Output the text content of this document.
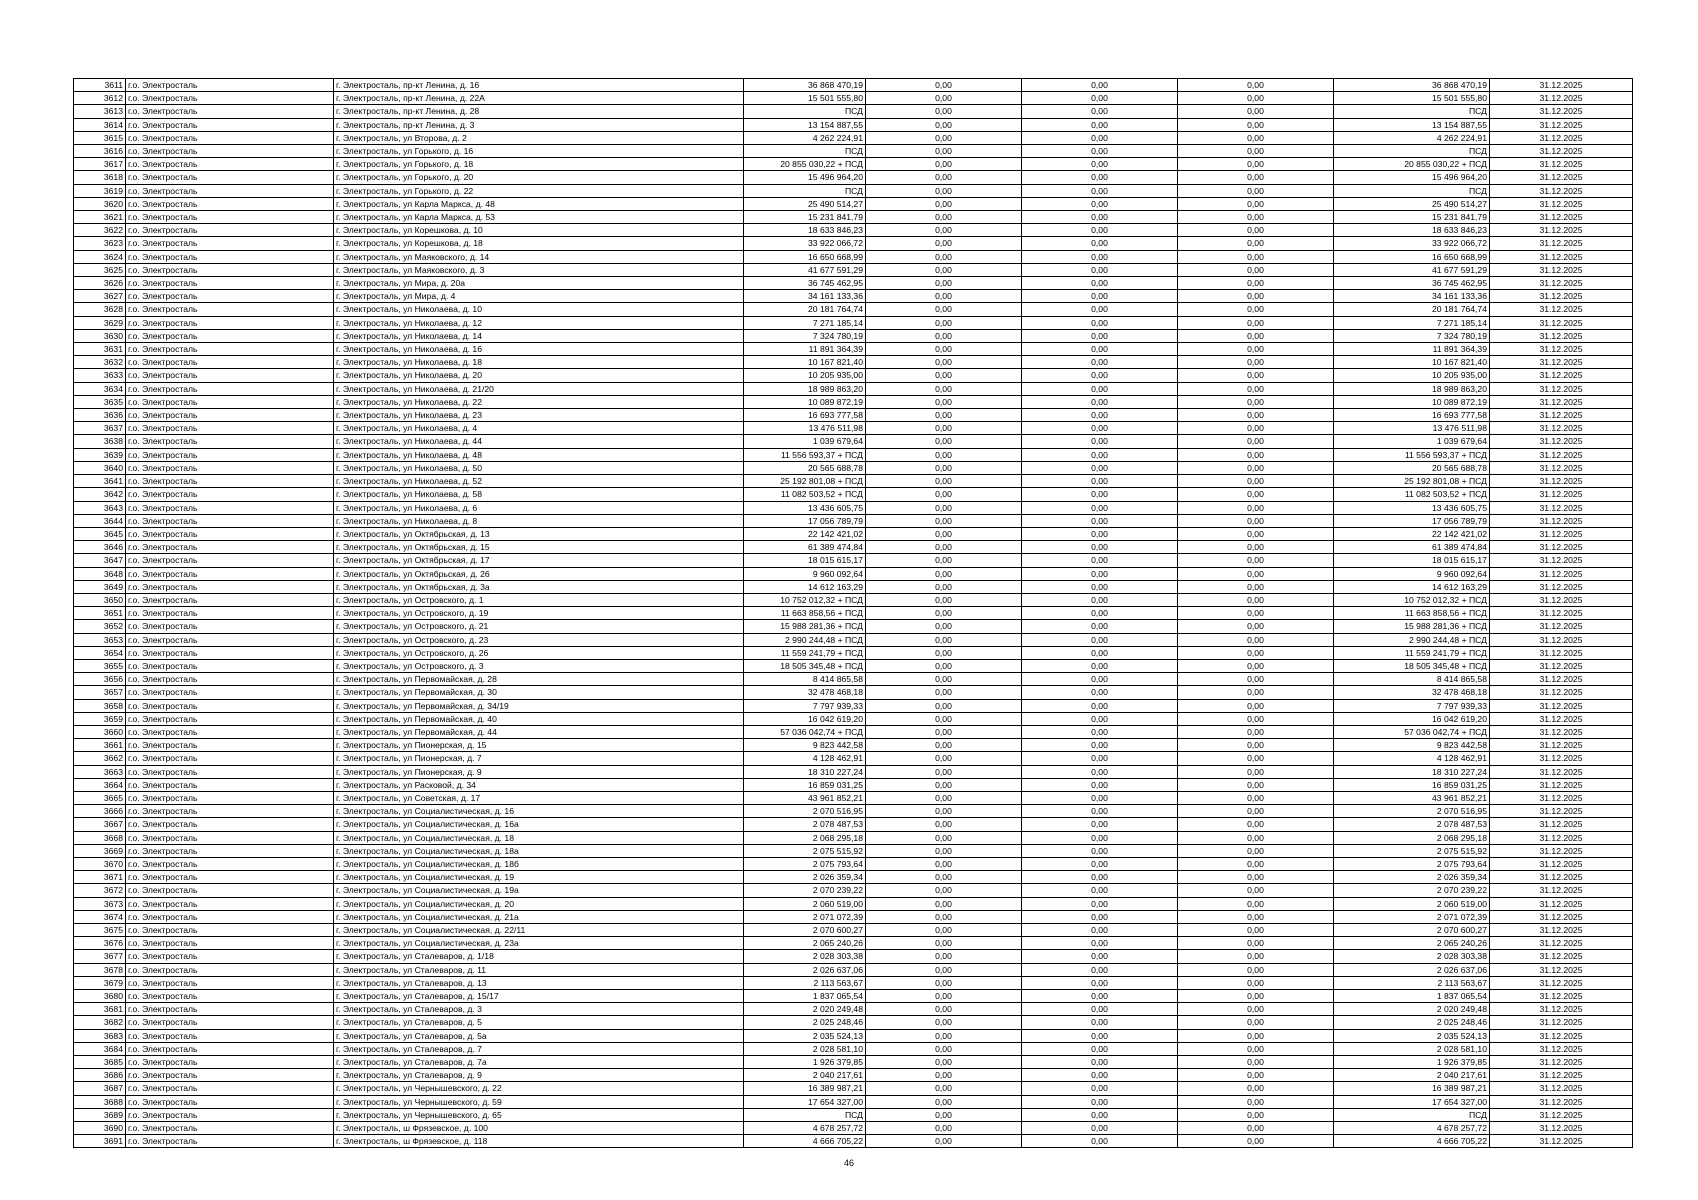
3611	г.о. Электросталь	г. Электросталь, пр-кт Ленина, д. 16	36 868 470,19	0,00	0,00	0,00	36 868 470,19	31.12.2025
3612	г.о. Электросталь	г. Электросталь, пр-кт Ленина, д. 22А	15 501 555,80	0,00	0,00	0,00	15 501 555,80	31.12.2025
3613	г.о. Электросталь	г. Электросталь, пр-кт Ленина, д. 28	ПСД	0,00	0,00	0,00	ПСД	31.12.2025
3614	г.о. Электросталь	г. Электросталь, пр-кт Ленина, д. 3	13 154 887,55	0,00	0,00	0,00	13 154 887,55	31.12.2025
3615	г.о. Электросталь	г. Электросталь, ул Второва, д. 2	4 262 224,91	0,00	0,00	0,00	4 262 224,91	31.12.2025
3616	г.о. Электросталь	г. Электросталь, ул Горького, д. 16	ПСД	0,00	0,00	0,00	ПСД	31.12.2025
3617	г.о. Электросталь	г. Электросталь, ул Горького, д. 18	20 855 030,22 + ПСД	0,00	0,00	0,00	20 855 030,22 + ПСД	31.12.2025
3618	г.о. Электросталь	г. Электросталь, ул Горького, д. 20	15 496 964,20	0,00	0,00	0,00	15 496 964,20	31.12.2025
3619	г.о. Электросталь	г. Электросталь, ул Горького, д. 22	ПСД	0,00	0,00	0,00	ПСД	31.12.2025
3620	г.о. Электросталь	г. Электросталь, ул Карла Маркса, д. 48	25 490 514,27	0,00	0,00	0,00	25 490 514,27	31.12.2025
3621	г.о. Электросталь	г. Электросталь, ул Карла Маркса, д. 53	15 231 841,79	0,00	0,00	0,00	15 231 841,79	31.12.2025
3622	г.о. Электросталь	г. Электросталь, ул Корешкова, д. 10	18 633 846,23	0,00	0,00	0,00	18 633 846,23	31.12.2025
3623	г.о. Электросталь	г. Электросталь, ул Корешкова, д. 18	33 922 066,72	0,00	0,00	0,00	33 922 066,72	31.12.2025
3624	г.о. Электросталь	г. Электросталь, ул Маяковского, д. 14	16 650 668,99	0,00	0,00	0,00	16 650 668,99	31.12.2025
3625	г.о. Электросталь	г. Электросталь, ул Маяковского, д. 3	41 677 591,29	0,00	0,00	0,00	41 677 591,29	31.12.2025
3626	г.о. Электросталь	г. Электросталь, ул Мира, д. 20а	36 745 462,95	0,00	0,00	0,00	36 745 462,95	31.12.2025
3627	г.о. Электросталь	г. Электросталь, ул Мира, д. 4	34 161 133,36	0,00	0,00	0,00	34 161 133,36	31.12.2025
3628	г.о. Электросталь	г. Электросталь, ул Николаева, д. 10	20 181 764,74	0,00	0,00	0,00	20 181 764,74	31.12.2025
3629	г.о. Электросталь	г. Электросталь, ул Николаева, д. 12	7 271 185,14	0,00	0,00	0,00	7 271 185,14	31.12.2025
3630	г.о. Электросталь	г. Электросталь, ул Николаева, д. 14	7 324 780,19	0,00	0,00	0,00	7 324 780,19	31.12.2025
3631	г.о. Электросталь	г. Электросталь, ул Николаева, д. 16	11 891 364,39	0,00	0,00	0,00	11 891 364,39	31.12.2025
3632	г.о. Электросталь	г. Электросталь, ул Николаева, д. 18	10 167 821,40	0,00	0,00	0,00	10 167 821,40	31.12.2025
3633	г.о. Электросталь	г. Электросталь, ул Николаева, д. 20	10 205 935,00	0,00	0,00	0,00	10 205 935,00	31.12.2025
3634	г.о. Электросталь	г. Электросталь, ул Николаева, д. 21/20	18 989 863,20	0,00	0,00	0,00	18 989 863,20	31.12.2025
3635	г.о. Электросталь	г. Электросталь, ул Николаева, д. 22	10 089 872,19	0,00	0,00	0,00	10 089 872,19	31.12.2025
3636	г.о. Электросталь	г. Электросталь, ул Николаева, д. 23	16 693 777,58	0,00	0,00	0,00	16 693 777,58	31.12.2025
3637	г.о. Электросталь	г. Электросталь, ул Николаева, д. 4	13 476 511,98	0,00	0,00	0,00	13 476 511,98	31.12.2025
3638	г.о. Электросталь	г. Электросталь, ул Николаева, д. 44	1 039 679,64	0,00	0,00	0,00	1 039 679,64	31.12.2025
3639	г.о. Электросталь	г. Электросталь, ул Николаева, д. 48	11 556 593,37 + ПСД	0,00	0,00	0,00	11 556 593,37 + ПСД	31.12.2025
3640	г.о. Электросталь	г. Электросталь, ул Николаева, д. 50	20 565 688,78	0,00	0,00	0,00	20 565 688,78	31.12.2025
3641	г.о. Электросталь	г. Электросталь, ул Николаева, д. 52	25 192 801,08 + ПСД	0,00	0,00	0,00	25 192 801,08 + ПСД	31.12.2025
3642	г.о. Электросталь	г. Электросталь, ул Николаева, д. 58	11 082 503,52 + ПСД	0,00	0,00	0,00	11 082 503,52 + ПСД	31.12.2025
3643	г.о. Электросталь	г. Электросталь, ул Николаева, д. 6	13 436 605,75	0,00	0,00	0,00	13 436 605,75	31.12.2025
3644	г.о. Электросталь	г. Электросталь, ул Николаева, д. 8	17 056 789,79	0,00	0,00	0,00	17 056 789,79	31.12.2025
3645	г.о. Электросталь	г. Электросталь, ул Октябрьская, д. 13	22 142 421,02	0,00	0,00	0,00	22 142 421,02	31.12.2025
3646	г.о. Электросталь	г. Электросталь, ул Октябрьская, д. 15	61 389 474,84	0,00	0,00	0,00	61 389 474,84	31.12.2025
3647	г.о. Электросталь	г. Электросталь, ул Октябрьская, д. 17	18 015 615,17	0,00	0,00	0,00	18 015 615,17	31.12.2025
3648	г.о. Электросталь	г. Электросталь, ул Октябрьская, д. 26	9 960 092,64	0,00	0,00	0,00	9 960 092,64	31.12.2025
3649	г.о. Электросталь	г. Электросталь, ул Октябрьская, д. 3а	14 612 163,29	0,00	0,00	0,00	14 612 163,29	31.12.2025
3650	г.о. Электросталь	г. Электросталь, ул Островского, д. 1	10 752 012,32 + ПСД	0,00	0,00	0,00	10 752 012,32 + ПСД	31.12.2025
3651	г.о. Электросталь	г. Электросталь, ул Островского, д. 19	11 663 858,56 + ПСД	0,00	0,00	0,00	11 663 858,56 + ПСД	31.12.2025
3652	г.о. Электросталь	г. Электросталь, ул Островского, д. 21	15 988 281,36 + ПСД	0,00	0,00	0,00	15 988 281,36 + ПСД	31.12.2025
3653	г.о. Электросталь	г. Электросталь, ул Островского, д. 23	2 990 244,48 + ПСД	0,00	0,00	0,00	2 990 244,48 + ПСД	31.12.2025
3654	г.о. Электросталь	г. Электросталь, ул Островского, д. 26	11 559 241,79 + ПСД	0,00	0,00	0,00	11 559 241,79 + ПСД	31.12.2025
3655	г.о. Электросталь	г. Электросталь, ул Островского, д. 3	18 505 345,48 + ПСД	0,00	0,00	0,00	18 505 345,48 + ПСД	31.12.2025
3656	г.о. Электросталь	г. Электросталь, ул Первомайская, д. 28	8 414 865,58	0,00	0,00	0,00	8 414 865,58	31.12.2025
3657	г.о. Электросталь	г. Электросталь, ул Первомайская, д. 30	32 478 468,18	0,00	0,00	0,00	32 478 468,18	31.12.2025
3658	г.о. Электросталь	г. Электросталь, ул Первомайская, д. 34/19	7 797 939,33	0,00	0,00	0,00	7 797 939,33	31.12.2025
3659	г.о. Электросталь	г. Электросталь, ул Первомайская, д. 40	16 042 619,20	0,00	0,00	0,00	16 042 619,20	31.12.2025
3660	г.о. Электросталь	г. Электросталь, ул Первомайская, д. 44	57 036 042,74 + ПСД	0,00	0,00	0,00	57 036 042,74 + ПСД	31.12.2025
3661	г.о. Электросталь	г. Электросталь, ул Пионерская, д. 15	9 823 442,58	0,00	0,00	0,00	9 823 442,58	31.12.2025
3662	г.о. Электросталь	г. Электросталь, ул Пионерская, д. 7	4 128 462,91	0,00	0,00	0,00	4 128 462,91	31.12.2025
3663	г.о. Электросталь	г. Электросталь, ул Пионерская, д. 9	18 310 227,24	0,00	0,00	0,00	18 310 227,24	31.12.2025
3664	г.о. Электросталь	г. Электросталь, ул Расковой, д. 34	16 859 031,25	0,00	0,00	0,00	16 859 031,25	31.12.2025
3665	г.о. Электросталь	г. Электросталь, ул Советская, д. 17	43 961 852,21	0,00	0,00	0,00	43 961 852,21	31.12.2025
3666	г.о. Электросталь	г. Электросталь, ул Социалистическая, д. 16	2 070 516,95	0,00	0,00	0,00	2 070 516,95	31.12.2025
3667	г.о. Электросталь	г. Электросталь, ул Социалистическая, д. 16а	2 078 487,53	0,00	0,00	0,00	2 078 487,53	31.12.2025
3668	г.о. Электросталь	г. Электросталь, ул Социалистическая, д. 18	2 068 295,18	0,00	0,00	0,00	2 068 295,18	31.12.2025
3669	г.о. Электросталь	г. Электросталь, ул Социалистическая, д. 18а	2 075 515,92	0,00	0,00	0,00	2 075 515,92	31.12.2025
3670	г.о. Электросталь	г. Электросталь, ул Социалистическая, д. 18б	2 075 793,64	0,00	0,00	0,00	2 075 793,64	31.12.2025
3671	г.о. Электросталь	г. Электросталь, ул Социалистическая, д. 19	2 026 359,34	0,00	0,00	0,00	2 026 359,34	31.12.2025
3672	г.о. Электросталь	г. Электросталь, ул Социалистическая, д. 19а	2 070 239,22	0,00	0,00	0,00	2 070 239,22	31.12.2025
3673	г.о. Электросталь	г. Электросталь, ул Социалистическая, д. 20	2 060 519,00	0,00	0,00	0,00	2 060 519,00	31.12.2025
3674	г.о. Электросталь	г. Электросталь, ул Социалистическая, д. 21а	2 071 072,39	0,00	0,00	0,00	2 071 072,39	31.12.2025
3675	г.о. Электросталь	г. Электросталь, ул Социалистическая, д. 22/11	2 070 600,27	0,00	0,00	0,00	2 070 600,27	31.12.2025
3676	г.о. Электросталь	г. Электросталь, ул Социалистическая, д. 23а	2 065 240,26	0,00	0,00	0,00	2 065 240,26	31.12.2025
3677	г.о. Электросталь	г. Электросталь, ул Сталеваров, д. 1/18	2 028 303,38	0,00	0,00	0,00	2 028 303,38	31.12.2025
3678	г.о. Электросталь	г. Электросталь, ул Сталеваров, д. 11	2 026 637,06	0,00	0,00	0,00	2 026 637,06	31.12.2025
3679	г.о. Электросталь	г. Электросталь, ул Сталеваров, д. 13	2 113 563,67	0,00	0,00	0,00	2 113 563,67	31.12.2025
3680	г.о. Электросталь	г. Электросталь, ул Сталеваров, д. 15/17	1 837 065,54	0,00	0,00	0,00	1 837 065,54	31.12.2025
3681	г.о. Электросталь	г. Электросталь, ул Сталеваров, д. 3	2 020 249,48	0,00	0,00	0,00	2 020 249,48	31.12.2025
3682	г.о. Электросталь	г. Электросталь, ул Сталеваров, д. 5	2 025 248,46	0,00	0,00	0,00	2 025 248,46	31.12.2025
3683	г.о. Электросталь	г. Электросталь, ул Сталеваров, д. 5а	2 035 524,13	0,00	0,00	0,00	2 035 524,13	31.12.2025
3684	г.о. Электросталь	г. Электросталь, ул Сталеваров, д. 7	2 028 581,10	0,00	0,00	0,00	2 028 581,10	31.12.2025
3685	г.о. Электросталь	г. Электросталь, ул Сталеваров, д. 7а	1 926 379,85	0,00	0,00	0,00	1 926 379,85	31.12.2025
3686	г.о. Электросталь	г. Электросталь, ул Сталеваров, д. 9	2 040 217,61	0,00	0,00	0,00	2 040 217,61	31.12.2025
3687	г.о. Электросталь	г. Электросталь, ул Чернышевского, д. 22	16 389 987,21	0,00	0,00	0,00	16 389 987,21	31.12.2025
3688	г.о. Электросталь	г. Электросталь, ул Чернышевского, д. 59	17 654 327,00	0,00	0,00	0,00	17 654 327,00	31.12.2025
3689	г.о. Электросталь	г. Электросталь, ул Чернышевского, д. 65	ПСД	0,00	0,00	0,00	ПСД	31.12.2025
3690	г.о. Электросталь	г. Электросталь, ш Фрязевское, д. 100	4 678 257,72	0,00	0,00	0,00	4 678 257,72	31.12.2025
3691	г.о. Электросталь	г. Электросталь, ш Фрязевское, д. 118	4 666 705,22	0,00	0,00	0,00	4 666 705,22	31.12.2025
46
